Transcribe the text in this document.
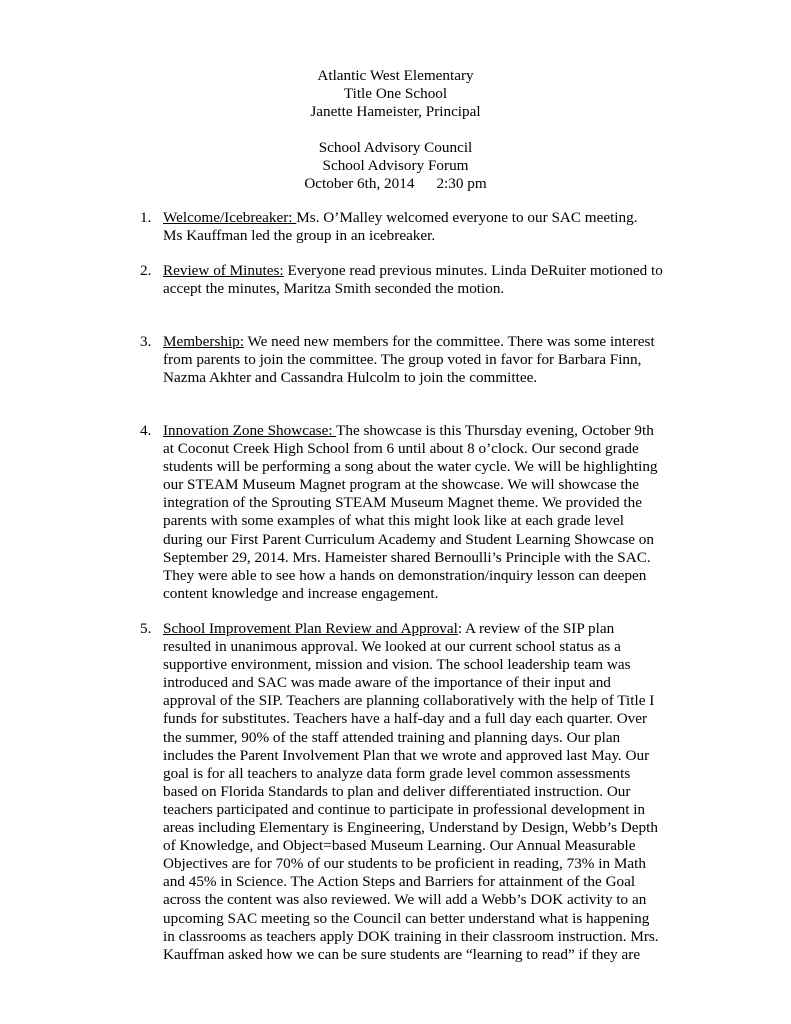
Atlantic West Elementary
Title One School
Janette Hameister, Principal
School Advisory Council
School Advisory Forum
October 6th, 2014 2:30 pm
1. Welcome/Icebreaker: Ms. O’Malley welcomed everyone to our SAC meeting.
Ms Kauffman led the group in an icebreaker.
2. Review of Minutes: Everyone read previous minutes. Linda DeRuiter motioned to
accept the minutes, Maritza Smith seconded the motion.
3. Membership: We need new members for the committee. There was some interest
from parents to join the committee. The group voted in favor for Barbara Finn,
Nazma Akhter and Cassandra Hulcolm to join the committee.
4. Innovation Zone Showcase: The showcase is this Thursday evening, October 9th
at Coconut Creek High School from 6 until about 8 o’clock. Our second grade
students will be performing a song about the water cycle. We will be highlighting
our STEAM Museum Magnet program at the showcase. We will showcase the
integration of the Sprouting STEAM Museum Magnet theme. We provided the
parents with some examples of what this might look like at each grade level
during our First Parent Curriculum Academy and Student Learning Showcase on
September 29, 2014. Mrs. Hameister shared Bernoulli’s Principle with the SAC.
They were able to see how a hands on demonstration/inquiry lesson can deepen
content knowledge and increase engagement.
5. School Improvement Plan Review and Approval: A review of the SIP plan
resulted in unanimous approval. We looked at our current school status as a
supportive environment, mission and vision. The school leadership team was
introduced and SAC was made aware of the importance of their input and
approval of the SIP. Teachers are planning collaboratively with the help of Title I
funds for substitutes. Teachers have a half-day and a full day each quarter. Over
the summer, 90% of the staff attended training and planning days. Our plan
includes the Parent Involvement Plan that we wrote and approved last May. Our
goal is for all teachers to analyze data form grade level common assessments
based on Florida Standards to plan and deliver differentiated instruction. Our
teachers participated and continue to participate in professional development in
areas including Elementary is Engineering, Understand by Design, Webb’s Depth
of Knowledge, and Object=based Museum Learning. Our Annual Measurable
Objectives are for 70% of our students to be proficient in reading, 73% in Math
and 45% in Science. The Action Steps and Barriers for attainment of the Goal
across the content was also reviewed. We will add a Webb’s DOK activity to an
upcoming SAC meeting so the Council can better understand what is happening
in classrooms as teachers apply DOK training in their classroom instruction. Mrs.
Kauffman asked how we can be sure students are “learning to read” if they are
